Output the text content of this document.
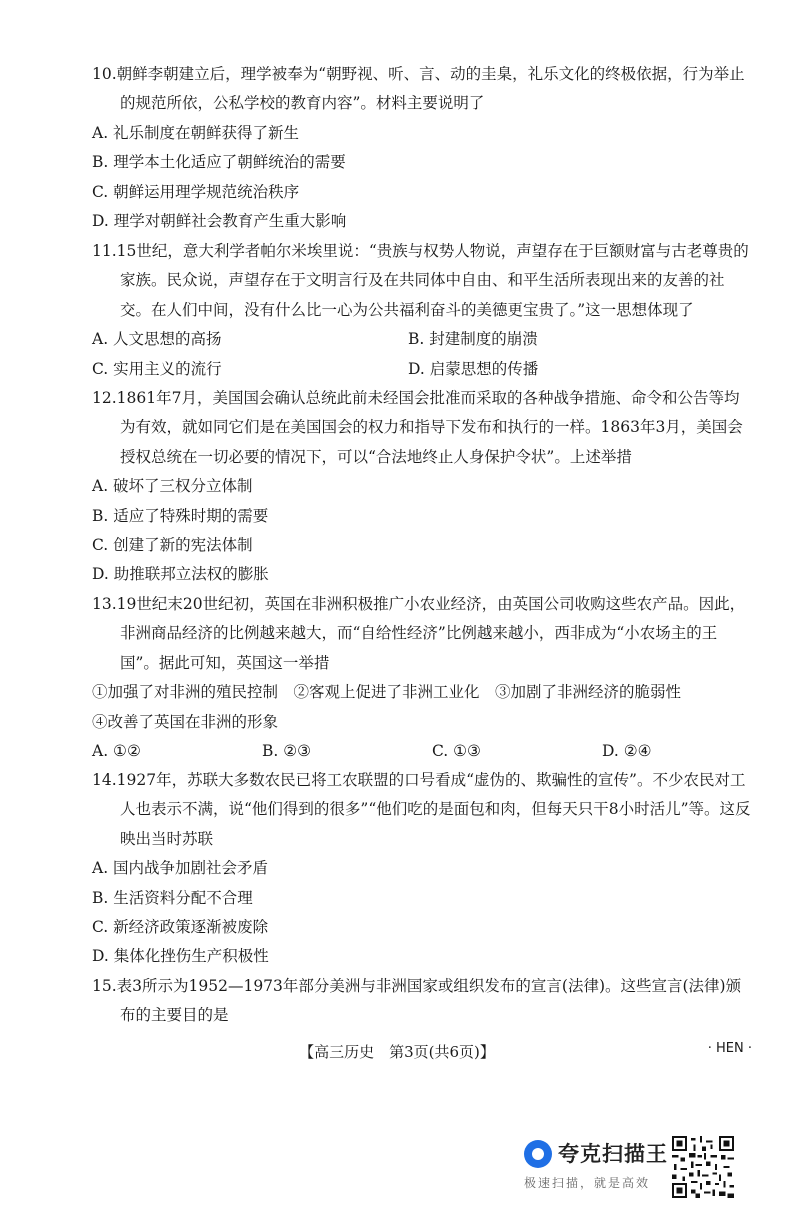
10.朝鲜李朝建立后，理学被奉为“朝野视、听、言、动的圭臬，礼乐文化的终极依据，行为举止的规范所依，公私学校的教育内容”。材料主要说明了
A. 礼乐制度在朝鲜获得了新生
B. 理学本土化适应了朝鲜统治的需要
C. 朝鲜运用理学规范统治秩序
D. 理学对朝鲜社会教育产生重大影响
11.15世纪，意大利学者帕尔米埃里说：“贵族与权势人物说，声望存在于巨额财富与古老尊贵的家族。民众说，声望存在于文明言行及在共同体中自由、和平生活所表现出来的友善的社交。在人们中间，没有什么比一心为公共福利奋斗的美德更宝贵了。”这一思想体现了
A. 人文思想的高扬	B. 封建制度的崩溃
C. 实用主义的流行	D. 启蒙思想的传播
12.1861年7月，美国国会确认总统此前未经国会批准而采取的各种战争措施、命令和公告等均为有效，就如同它们是在美国国会的权力和指导下发布和执行的一样。1863年3月，美国会授权总统在一切必要的情况下，可以“合法地终止人身保护令状”。上述举措
A. 破坏了三权分立体制
B. 适应了特殊时期的需要
C. 创建了新的宪法体制
D. 助推联邦立法权的膨胀
13.19世纪末20世纪初，英国在非洲积极推广小农业经济，由英国公司收购这些农产品。因此，非洲商品经济的比例越来越大，而“自给性经济”比例越来越小，西非成为“小农场主的王国”。据此可知，英国这一举措
①加强了对非洲的殖民控制　②客观上促进了非洲工业化　③加剧了非洲经济的脆弱性
④改善了英国在非洲的形象
A. ①②	B. ②③	C. ①③	D. ②④
14.1927年，苏联大多数农民已将工农联盟的口号看成“虚伪的、欺骗性的宣传”。不少农民对工人也表示不满，说“他们得到的很多”“他们吃的是面包和肉，但每天只干8小时活儿”等。这反映出当时苏联
A. 国内战争加剧社会矛盾
B. 生活资料分配不合理
C. 新经济政策逐渐被废除
D. 集体化挫伤生产积极性
15.表3所示为1952—1973年部分美洲与非洲国家或组织发布的宣言(法律)。这些宣言(法律)颁布的主要目的是
【高三历史　第3页(共6页)】	· HEN ·
夸克扫描王
极速扫描，就是高效
